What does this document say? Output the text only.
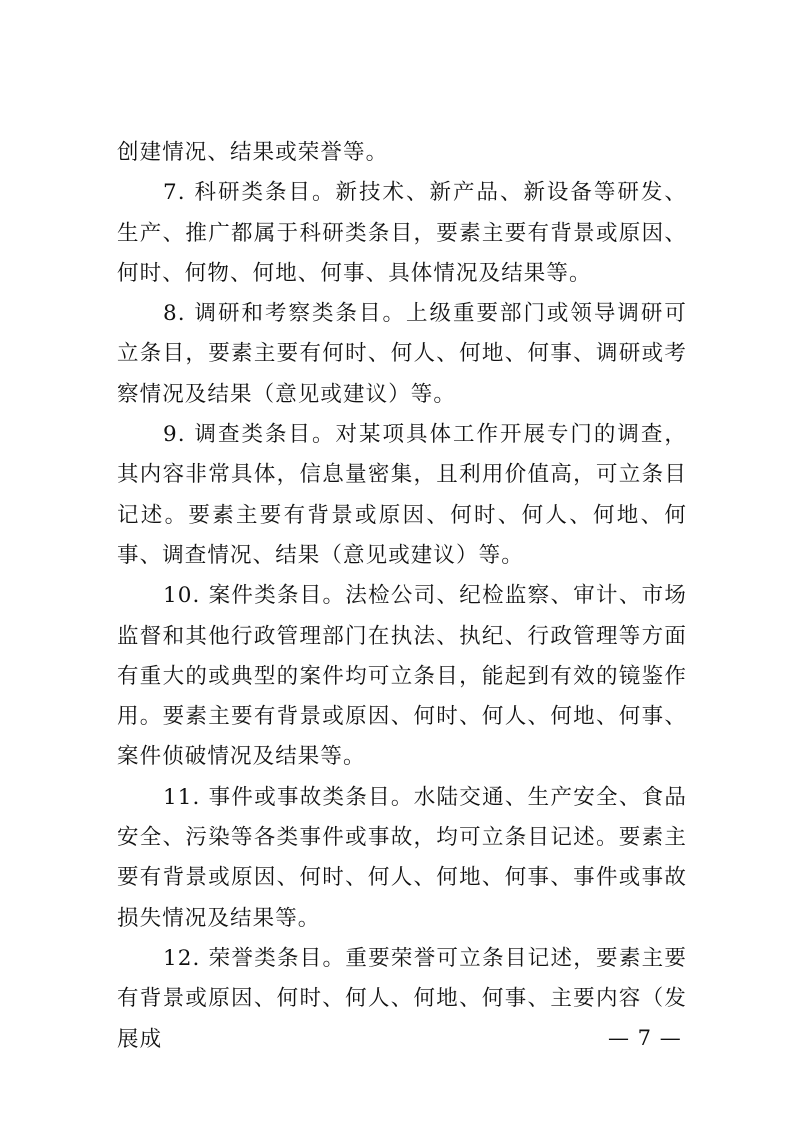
创建情况、结果或荣誉等。

7. 科研类条目。新技术、新产品、新设备等研发、生产、推广都属于科研类条目，要素主要有背景或原因、何时、何物、何地、何事、具体情况及结果等。

8. 调研和考察类条目。上级重要部门或领导调研可立条目，要素主要有何时、何人、何地、何事、调研或考察情况及结果（意见或建议）等。

9. 调查类条目。对某项具体工作开展专门的调查，其内容非常具体，信息量密集，且利用价值高，可立条目记述。要素主要有背景或原因、何时、何人、何地、何事、调查情况、结果（意见或建议）等。

10. 案件类条目。法检公司、纪检监察、审计、市场监督和其他行政管理部门在执法、执纪、行政管理等方面有重大的或典型的案件均可立条目，能起到有效的镜鉴作用。要素主要有背景或原因、何时、何人、何地、何事、案件侦破情况及结果等。

11. 事件或事故类条目。水陆交通、生产安全、食品安全、污染等各类事件或事故，均可立条目记述。要素主要有背景或原因、何时、何人、何地、何事、事件或事故损失情况及结果等。

12. 荣誉类条目。重要荣誉可立条目记述，要素主要有背景或原因、何时、何人、何地、何事、主要内容（发展成	— 7 —
